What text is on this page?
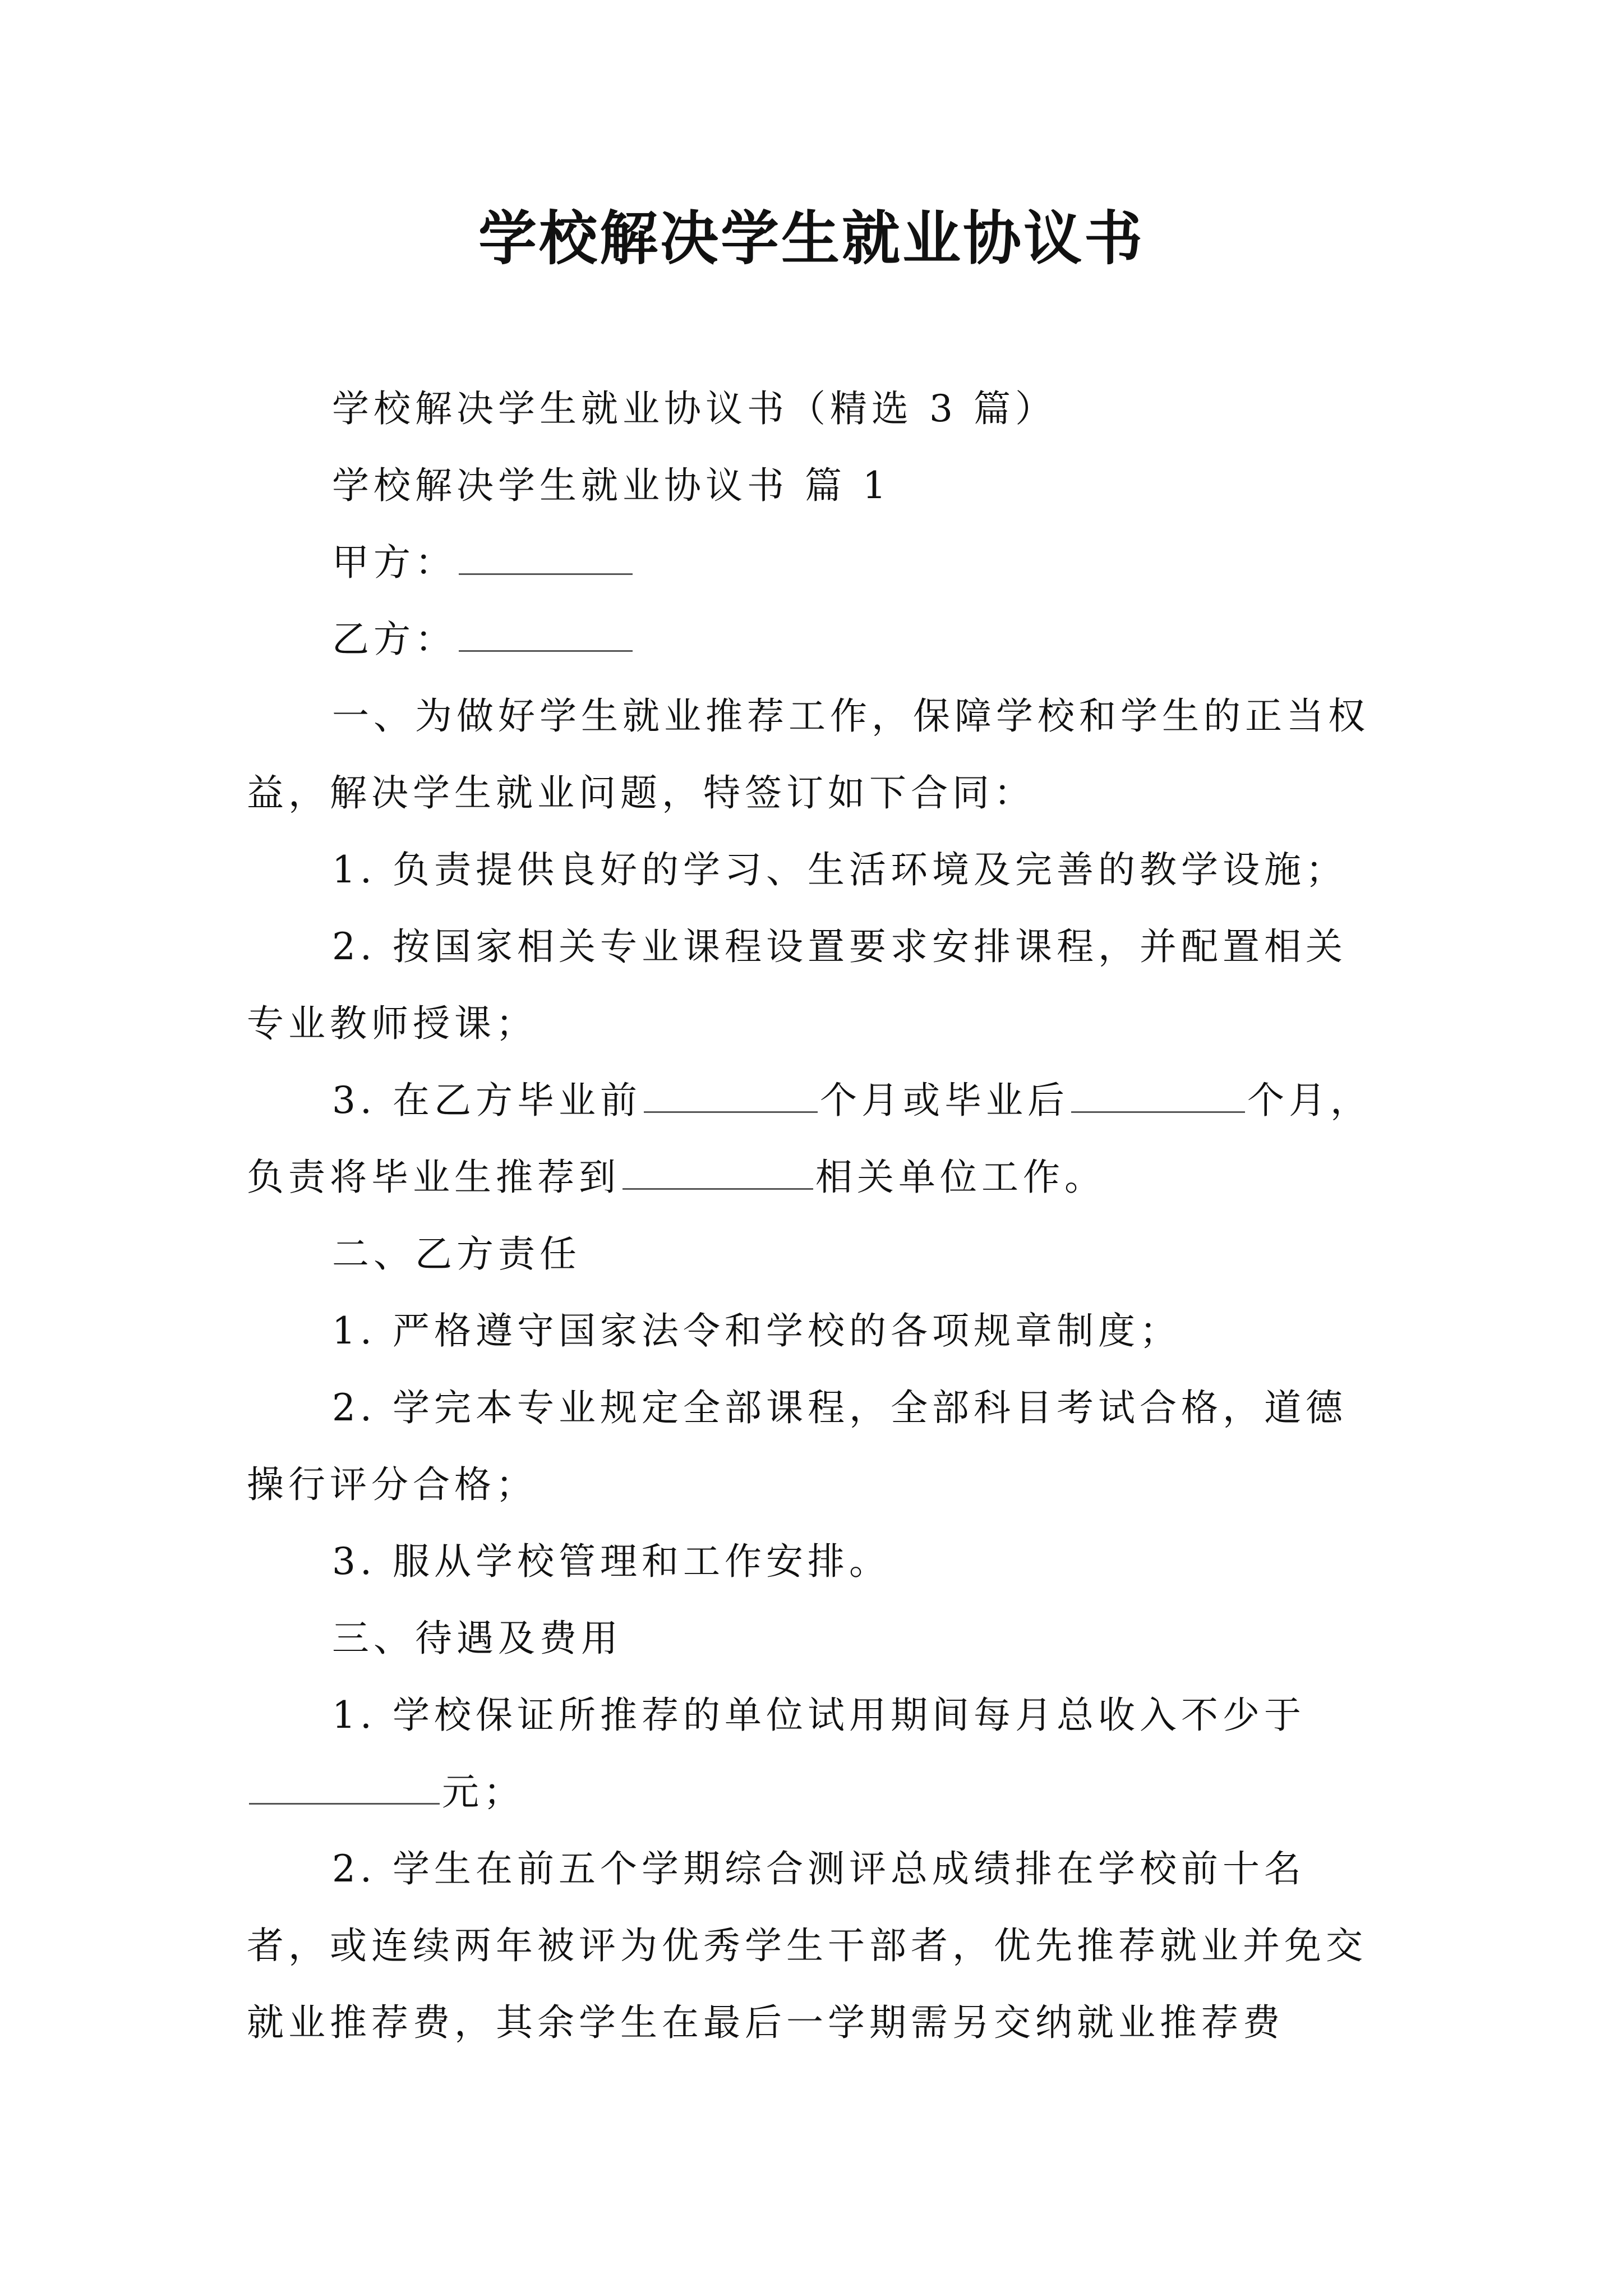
学校解决学生就业协议书

学校解决学生就业协议书（精选 3 篇）

学校解决学生就业协议书 篇 1

甲方：

乙方：

一、为做好学生就业推荐工作，保障学校和学生的正当权益，解决学生就业问题，特签订如下合同：

1. 负责提供良好的学习、生活环境及完善的教学设施；

2. 按国家相关专业课程设置要求安排课程，并配置相关专业教师授课；

3. 在乙方毕业前	个月或毕业后	个月，负责将毕业生推荐到	相关单位工作。

二、乙方责任

1. 严格遵守国家法令和学校的各项规章制度；

2. 学完本专业规定全部课程，全部科目考试合格，道德操行评分合格；

3. 服从学校管理和工作安排。

三、待遇及费用

1. 学校保证所推荐的单位试用期间每月总收入不少于元；

2. 学生在前五个学期综合测评总成绩排在学校前十名者，或连续两年被评为优秀学生干部者，优先推荐就业并免交就业推荐费，其余学生在最后一学期需另交纳就业推荐费
